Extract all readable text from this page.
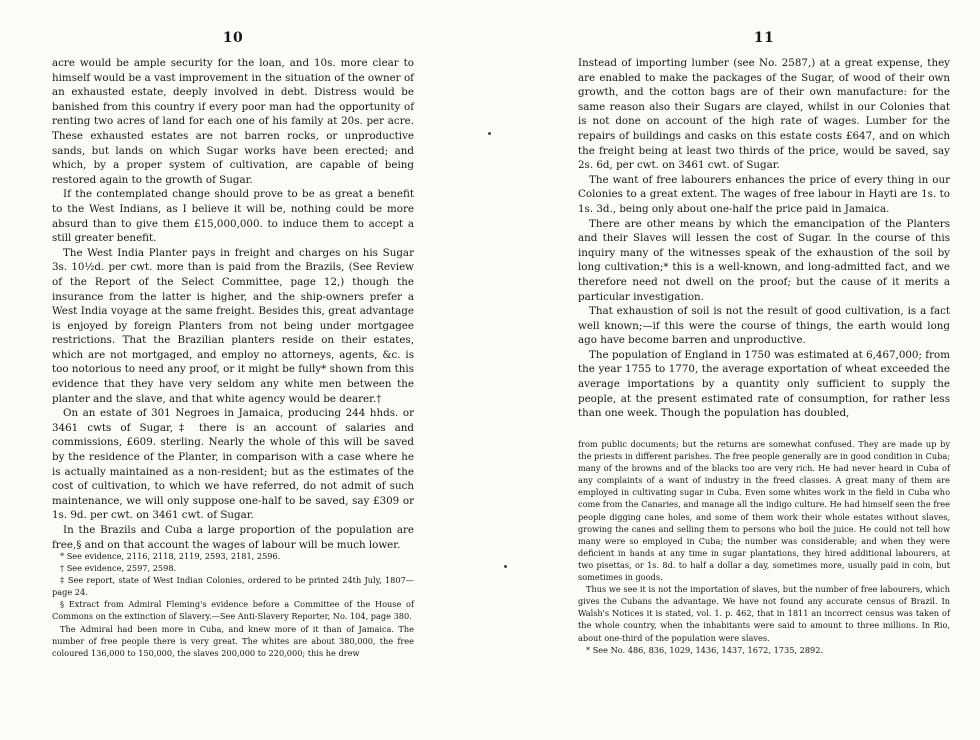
10

acre would be ample security for the loan, and 10s. more clear to himself would be a vast improvement in the situation of the owner of an exhausted estate, deeply involved in debt. Distress would be banished from this country if every poor man had the opportunity of renting two acres of land for each one of his family at 20s. per acre. These exhausted estates are not barren rocks, or unproductive sands, but lands on which Sugar works have been erected; and which, by a proper system of cultivation, are capable of being restored again to the growth of Sugar.

If the contemplated change should prove to be as great a benefit to the West Indians, as I believe it will be, nothing could be more absurd than to give them £15,000,000. to induce them to accept a still greater benefit.

The West India Planter pays in freight and charges on his Sugar 3s. 10½d. per cwt. more than is paid from the Brazils, (See Review of the Report of the Select Committee, page 12,) though the insurance from the latter is higher, and the ship-owners prefer a West India voyage at the same freight. Besides this, great advantage is enjoyed by foreign Planters from not being under mortgagee restrictions. That the Brazilian planters reside on their estates, which are not mortgaged, and employ no attorneys, agents, &c. is too notorious to need any proof, or it might be fully* shown from this evidence that they have very seldom any white men between the planter and the slave, and that white agency would be dearer.†

On an estate of 301 Negroes in Jamaica, producing 244 hhds. or 3461 cwts of Sugar,‡ there is an account of salaries and commissions, £609. sterling. Nearly the whole of this will be saved by the residence of the Planter, in comparison with a case where he is actually maintained as a non-resident; but as the estimates of the cost of cultivation, to which we have referred, do not admit of such maintenance, we will only suppose one-half to be saved, say £309 or 1s. 9d. per cwt. on 3461 cwt. of Sugar.

In the Brazils and Cuba a large proportion of the population are free,§ and on that account the wages of labour will be much lower.

* See evidence, 2116, 2118, 2119, 2593, 2181, 2596.

† See evidence, 2597, 2598.

‡ See report, state of West Indian Colonies, ordered to be printed 24th July, 1807—page 24.

§ Extract from Admiral Fleming's evidence before a Committee of the House of Commons on the extinction of Slavery.—See Anti-Slavery Reporter, No. 104, page 380.

The Admiral had been more in Cuba, and knew more of it than of Jamaica. The number of free people there is very great. The whites are about 380,000, the free coloured 136,000 to 150,000, the slaves 200,000 to 220,000; this he drew

11

Instead of importing lumber (see No. 2587,) at a great expense, they are enabled to make the packages of the Sugar, of wood of their own growth, and the cotton bags are of their own manufacture: for the same reason also their Sugars are clayed, whilst in our Colonies that is not done on account of the high rate of wages. Lumber for the repairs of buildings and casks on this estate costs £647, and on which the freight being at least two thirds of the price, would be saved, say 2s. 6d, per cwt. on 3461 cwt. of Sugar.

The want of free labourers enhances the price of every thing in our Colonies to a great extent. The wages of free labour in Hayti are 1s. to 1s. 3d., being only about one-half the price paid in Jamaica.

There are other means by which the emancipation of the Planters and their Slaves will lessen the cost of Sugar. In the course of this inquiry many of the witnesses speak of the exhaustion of the soil by long cultivation;* this is a well-known, and long-admitted fact, and we therefore need not dwell on the proof; but the cause of it merits a particular investigation.

That exhaustion of soil is not the result of good cultivation, is a fact well known;—if this were the course of things, the earth would long ago have become barren and unproductive.

The population of England in 1750 was estimated at 6,467,000; from the year 1755 to 1770, the average exportation of wheat exceeded the average importations by a quantity only sufficient to supply the people, at the present estimated rate of consumption, for rather less than one week. Though the population has doubled,

from public documents; but the returns are somewhat confused. They are made up by the priests in different parishes. The free people generally are in good condition in Cuba; many of the browns and of the blacks too are very rich. He had never heard in Cuba of any complaints of a want of industry in the freed classes. A great many of them are employed in cultivating sugar in Cuba. Even some whites work in the field in Cuba who come from the Canaries, and manage all the indigo culture. He had himself seen the free people digging cane holes, and some of them work their whole estates without slaves, growing the canes and selling them to persons who boil the juice. He could not tell how many were so employed in Cuba; the number was considerable; and when they were deficient in hands at any time in sugar plantations, they hired additional labourers, at two pisettas, or 1s. 8d. to half a dollar a day, sometimes more, usually paid in coin, but sometimes in goods.

Thus we see it is not the importation of slaves, but the number of free labourers, which gives the Cubans the advantage. We have not found any accurate census of Brazil. In Walsh's Notices it is stated, vol. 1. p. 462, that in 1811 an incorrect census was taken of the whole country, when the inhabitants were said to amount to three millions. In Rio, about one-third of the population were slaves.

* See No. 486, 836, 1029, 1436, 1437, 1672, 1735, 2892.
